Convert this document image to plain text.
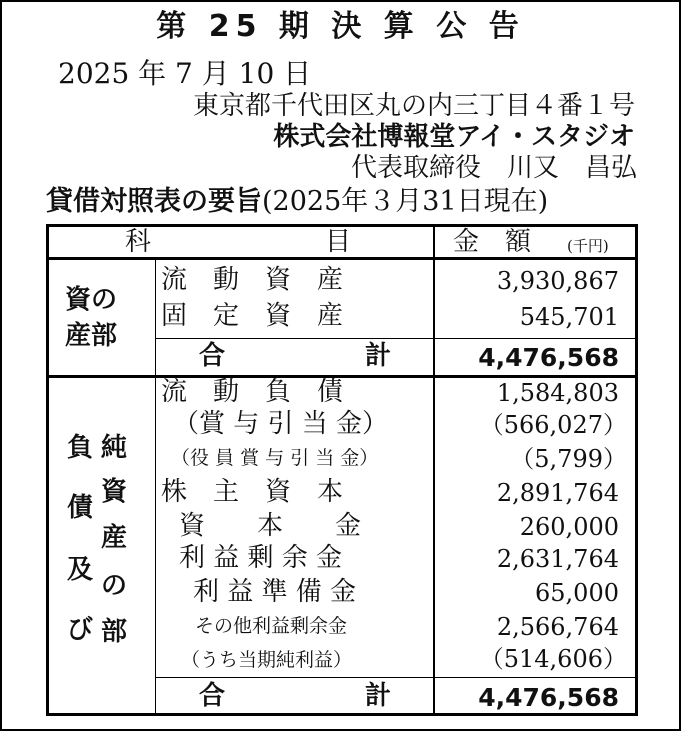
第 25 期 決 算 公 告
2025 年 7 月 10 日
東京都千代田区丸の内三丁目４番１号
株式会社博報堂アイ・スタジオ
代表取締役　川又　昌弘
貸借対照表の要旨(2025年３月31日現在)
科	目	金　額 (千円)
資の
産部
流　動　資　産	3,930,867
固　定　資　産	545,701
合	計	4,476,568
負
債
及
び
純
資
産
の
部
流　動　負　債	1,584,803
（賞 与 引 当 金）	（566,027）
（役 員 賞 与 引 当 金）	（5,799）
株　主　資　本	2,891,764
資　　本　　金	260,000
利 益 剰 余 金	2,631,764
利 益 準 備 金	65,000
その他利益剰余金	2,566,764
（うち当期純利益）	（514,606）
合	計	4,476,568
